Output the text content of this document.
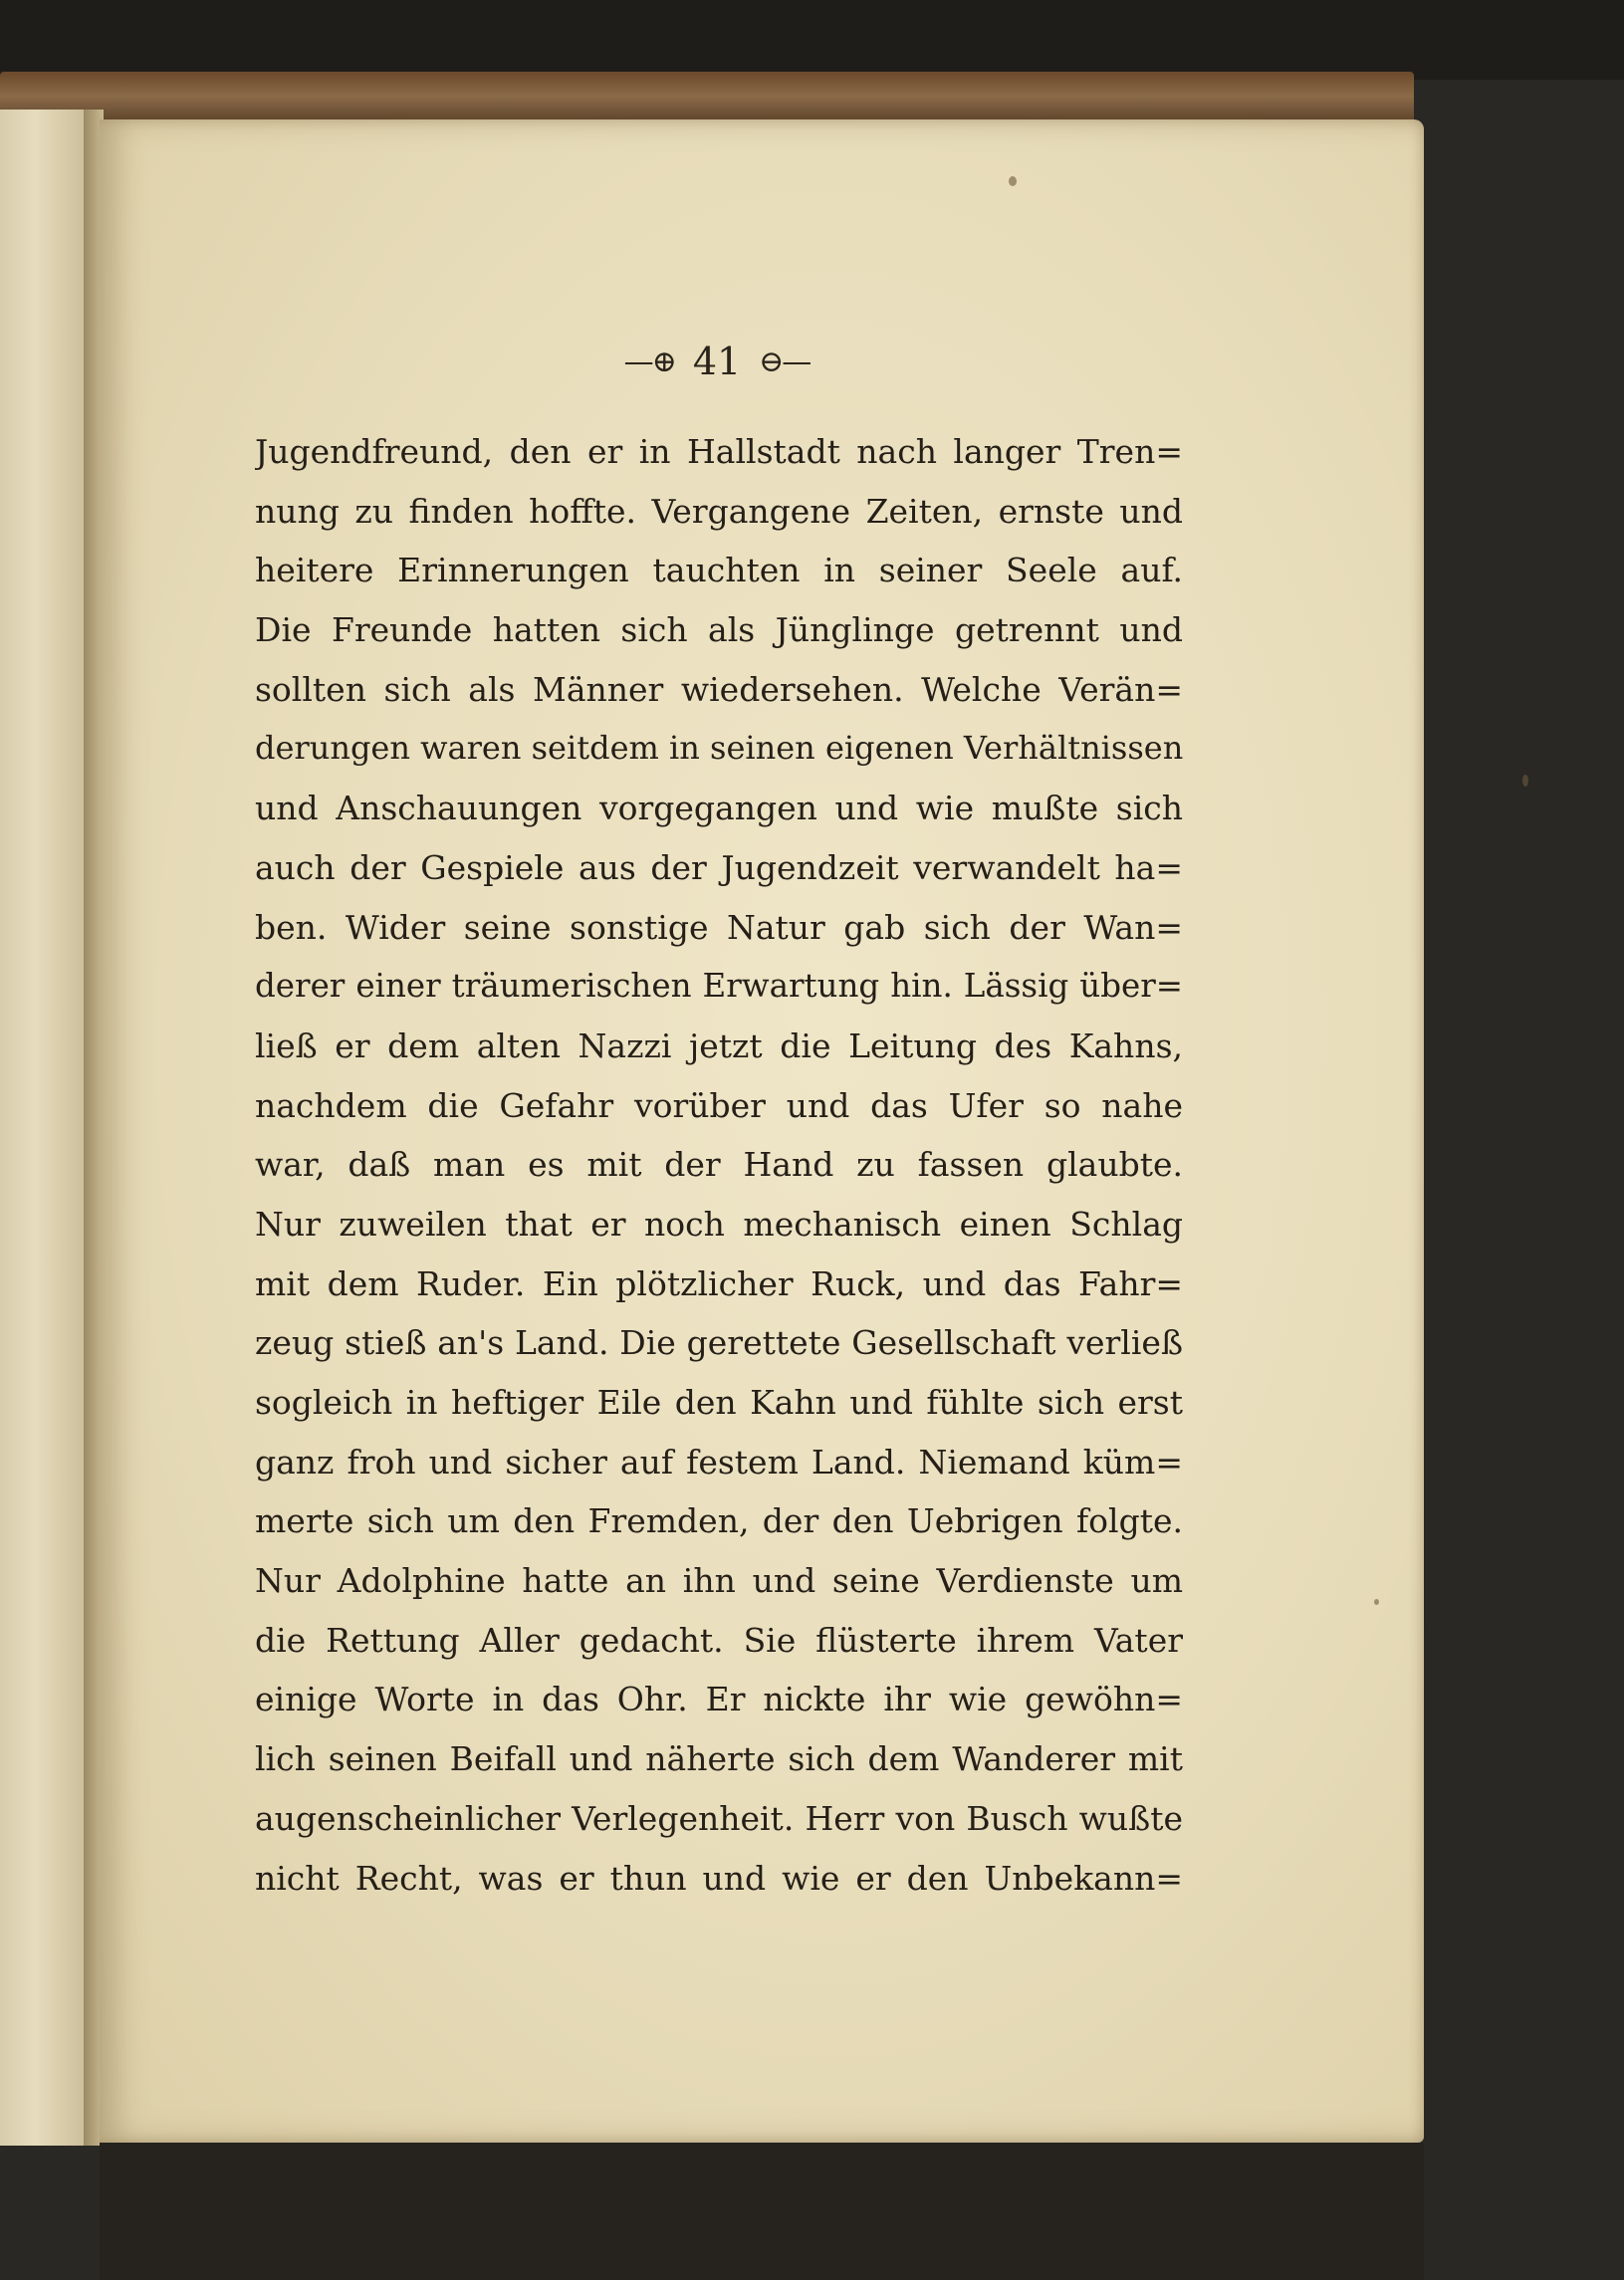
—⊕ 41 ⊖—
Jugendfreund, den er in Hallstadt nach langer Tren=
nung zu finden hoffte. Vergangene Zeiten, ernste und
heitere Erinnerungen tauchten in seiner Seele auf.
Die Freunde hatten sich als Jünglinge getrennt und
sollten sich als Männer wiedersehen. Welche Verän=
derungen waren seitdem in seinen eigenen Verhältnissen
und Anschauungen vorgegangen und wie mußte sich
auch der Gespiele aus der Jugendzeit verwandelt ha=
ben. Wider seine sonstige Natur gab sich der Wan=
derer einer träumerischen Erwartung hin. Lässig über=
ließ er dem alten Nazzi jetzt die Leitung des Kahns,
nachdem die Gefahr vorüber und das Ufer so nahe
war, daß man es mit der Hand zu fassen glaubte.
Nur zuweilen that er noch mechanisch einen Schlag
mit dem Ruder. Ein plötzlicher Ruck, und das Fahr=
zeug stieß an's Land. Die gerettete Gesellschaft verließ
sogleich in heftiger Eile den Kahn und fühlte sich erst
ganz froh und sicher auf festem Land. Niemand küm=
merte sich um den Fremden, der den Uebrigen folgte.
Nur Adolphine hatte an ihn und seine Verdienste um
die Rettung Aller gedacht. Sie flüsterte ihrem Vater
einige Worte in das Ohr. Er nickte ihr wie gewöhn=
lich seinen Beifall und näherte sich dem Wanderer mit
augenscheinlicher Verlegenheit. Herr von Busch wußte
nicht Recht, was er thun und wie er den Unbekann=
